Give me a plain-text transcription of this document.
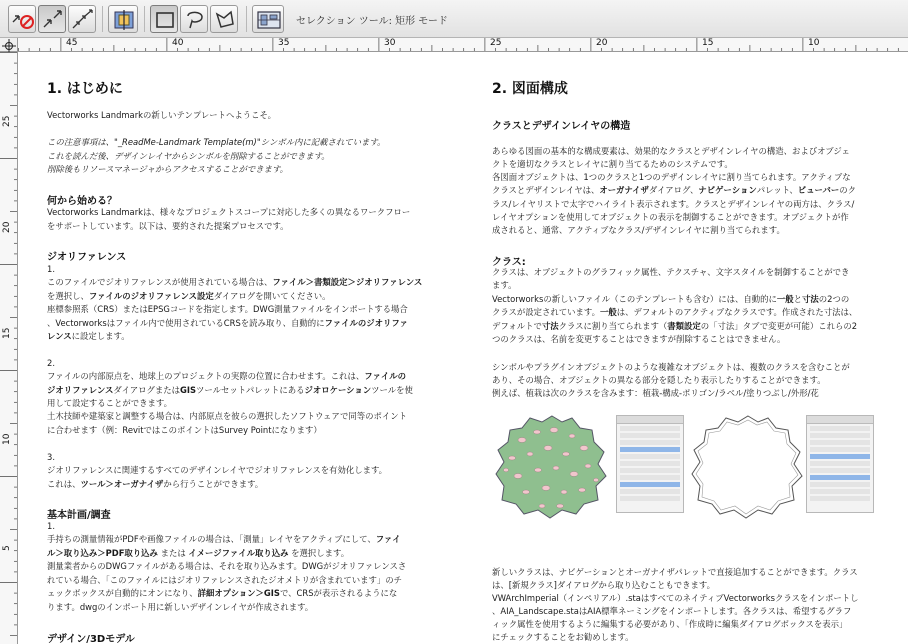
セレクション ツール: 矩形 モード
45	40	35	30	25	20	15	10
25
20
15
10
5
1. はじめに
Vectorworks Landmarkの新しいテンプレートへようこそ。
この注意事項は、"_ReadMe-Landmark Template(m)"シンボル内に記載されています。
これを読んだ後、デザインレイヤからシンボルを削除することができます。
削除後もリソースマネージャからアクセスすることができます。
何から始める？
Vectorworks Landmarkは、様々なプロジェクトスコープに対応した多くの異なるワークフロー
をサポートしています。以下は、要約された提案プロセスです。
ジオリファレンス
1.
このファイルでジオリファレンスが使用されている場合は、ファイル＞書類設定＞ジオリファレンス
を選択し、ファイルのジオリファレンス設定ダイアログを開いてください。
座標参照系（CRS）またはEPSGコードを指定します。DWG測量ファイルをインポートする場合
、Vectorworksはファイル内で使用されているCRSを読み取り、自動的にファイルのジオリファ
レンスに設定します。
2.
ファイルの内部原点を、地球上のプロジェクトの実際の位置に合わせます。これは、ファイルの
ジオリファレンスダイアログまたはGISツールセットパレットにあるジオロケーションツールを使
用して設定することができます。
土木技師や建築家と調整する場合は、内部原点を彼らの選択したソフトウェアで同等のポイント
に合わせます（例：RevitではこのポイントはSurvey Pointになります）
3.
ジオリファレンスに関連するすべてのデザインレイヤでジオリファレンスを有効化します。
これは、ツール＞オーガナイザから行うことができます。
基本計画/調査
1.
手持ちの測量情報がPDFや画像ファイルの場合は、「測量」レイヤをアクティブにして、ファイ
ル＞取り込み＞PDF取り込み または イメージファイル取り込み を選択します。
測量業者からのDWGファイルがある場合は、それを取り込みます。DWGがジオリファレンスさ
れている場合、「このファイルにはジオリファレンスされたジオメトリが含まれています」のチ
ェックボックスが自動的にオンになり、詳細オプション＞GISで、CRSが表示されるようにな
ります。dwgのインポート用に新しいデザインレイヤが作成されます。
デザイン/3Dモデル
2. 図面構成
クラスとデザインレイヤの構造
あらゆる図面の基本的な構成要素は、効果的なクラスとデザインレイヤの構造、およびオブジェ
クトを適切なクラスとレイヤに割り当てるためのシステムです。
各図面オブジェクトは、1つのクラスと1つのデザインレイヤに割り当てられます。アクティブな
クラスとデザインレイヤは、オーガナイザダイアログ、ナビゲーションパレット、ビューバーのク
ラス/レイヤリストで太字でハイライト表示されます。クラスとデザインレイヤの両方は、クラス/
レイヤオプションを使用してオブジェクトの表示を制御することができます。オブジェクトが作
成されると、通常、アクティブなクラス/デザインレイヤに割り当てられます。
クラス:
クラスは、オブジェクトのグラフィック属性、テクスチャ、文字スタイルを制御することができ
ます。
Vectorworksの新しいファイル（このテンプレートも含む）には、自動的に一般と寸法の2つの
クラスが設定されています。一般は、デフォルトのアクティブなクラスです。作成された寸法は、
デフォルトで寸法クラスに割り当てられます（書類設定の「寸法」タブで変更が可能）これらの2
つのクラスは、名前を変更することはできますが削除することはできません。
シンボルやプラグインオブジェクトのような複雑なオブジェクトは、複数のクラスを含むことが
あり、その場合、オブジェクトの異なる部分を隠したり表示したりすることができます。
例えば、植栽は次のクラスを含みます：植栽-構成-ポリゴン/ラベル/塗りつぶし/外形/花
新しいクラスは、ナビゲーションとオーガナイザパレットで直接追加することができます。クラス
は、[新規クラス]ダイアログから取り込むこともできます。
VWArchImperial（インペリアル）.staはすべてのネイティブVectorworksクラスをインポートし
、AIA_Landscape.staはAIA標準ネーミングをインポートします。各クラスは、希望するグラフ
ィック属性を使用するように編集する必要があり、「作成時に編集ダイアログボックスを表示」
にチェックすることをお勧めします。
